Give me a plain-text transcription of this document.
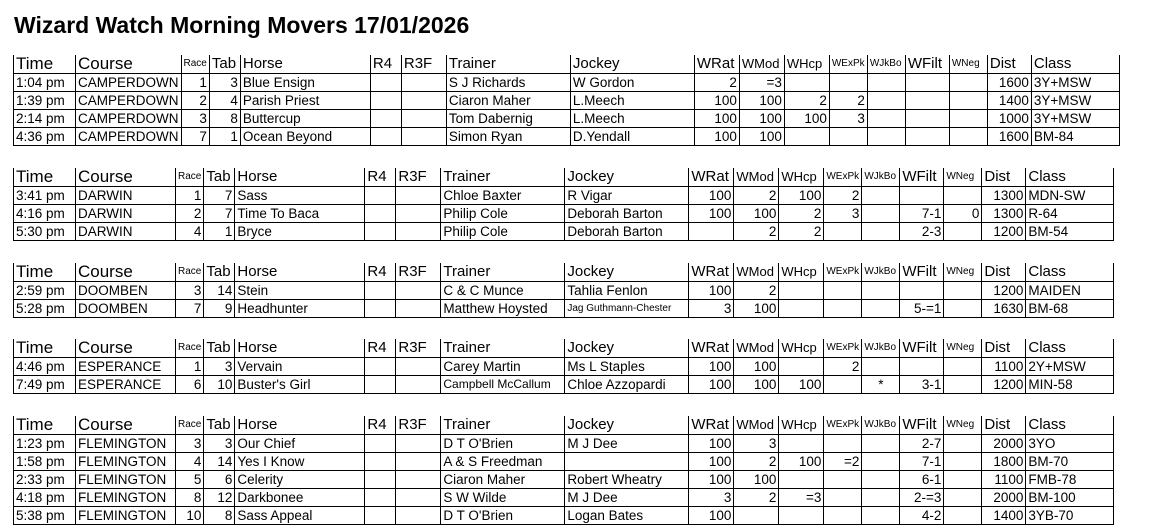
Wizard Watch Morning Movers 17/01/2026
Time	Course	Race	Tab	Horse	R4	R3F	Trainer	Jockey	WRat	WMod	WHcp	WExPk	WJkBo	WFilt	WNeg	Dist	Class
1:04 pm	CAMPERDOWN	1	3	Blue Ensign			S J Richards	W Gordon	2	=3						1600	3Y+MSW
1:39 pm	CAMPERDOWN	2	4	Parish Priest			Ciaron Maher	L.Meech	100	100	2	2				1400	3Y+MSW
2:14 pm	CAMPERDOWN	3	8	Buttercup			Tom Dabernig	L.Meech	100	100	100	3				1000	3Y+MSW
4:36 pm	CAMPERDOWN	7	1	Ocean Beyond			Simon Ryan	D.Yendall	100	100						1600	BM-84
Time	Course	Race	Tab	Horse	R4	R3F	Trainer	Jockey	WRat	WMod	WHcp	WExPk	WJkBo	WFilt	WNeg	Dist	Class
3:41 pm	DARWIN	1	7	Sass			Chloe Baxter	R Vigar	100	2	100	2				1300	MDN-SW
4:16 pm	DARWIN	2	7	Time To Baca			Philip Cole	Deborah Barton	100	100	2	3		7-1	0	1300	R-64
5:30 pm	DARWIN	4	1	Bryce			Philip Cole	Deborah Barton		2	2			2-3		1200	BM-54
Time	Course	Race	Tab	Horse	R4	R3F	Trainer	Jockey	WRat	WMod	WHcp	WExPk	WJkBo	WFilt	WNeg	Dist	Class
2:59 pm	DOOMBEN	3	14	Stein			C & C Munce	Tahlia Fenlon	100	2						1200	MAIDEN
5:28 pm	DOOMBEN	7	9	Headhunter			Matthew Hoysted	Jag Guthmann-Chester	3	100				5-=1		1630	BM-68
Time	Course	Race	Tab	Horse	R4	R3F	Trainer	Jockey	WRat	WMod	WHcp	WExPk	WJkBo	WFilt	WNeg	Dist	Class
4:46 pm	ESPERANCE	1	3	Vervain			Carey Martin	Ms L Staples	100	100		2				1100	2Y+MSW
7:49 pm	ESPERANCE	6	10	Buster's Girl			Campbell McCallum	Chloe Azzopardi	100	100	100		*	3-1		1200	MIN-58
Time	Course	Race	Tab	Horse	R4	R3F	Trainer	Jockey	WRat	WMod	WHcp	WExPk	WJkBo	WFilt	WNeg	Dist	Class
1:23 pm	FLEMINGTON	3	3	Our Chief			D T O'Brien	M J Dee	100	3				2-7		2000	3YO
1:58 pm	FLEMINGTON	4	14	Yes I Know			A & S Freedman		100	2	100	=2		7-1		1800	BM-70
2:33 pm	FLEMINGTON	5	6	Celerity			Ciaron Maher	Robert Wheatry	100	100				6-1		1100	FMB-78
4:18 pm	FLEMINGTON	8	12	Darkbonee			S W Wilde	M J Dee	3	2	=3			2-=3		2000	BM-100
5:38 pm	FLEMINGTON	10	8	Sass Appeal			D T O'Brien	Logan Bates	100					4-2		1400	3YB-70
